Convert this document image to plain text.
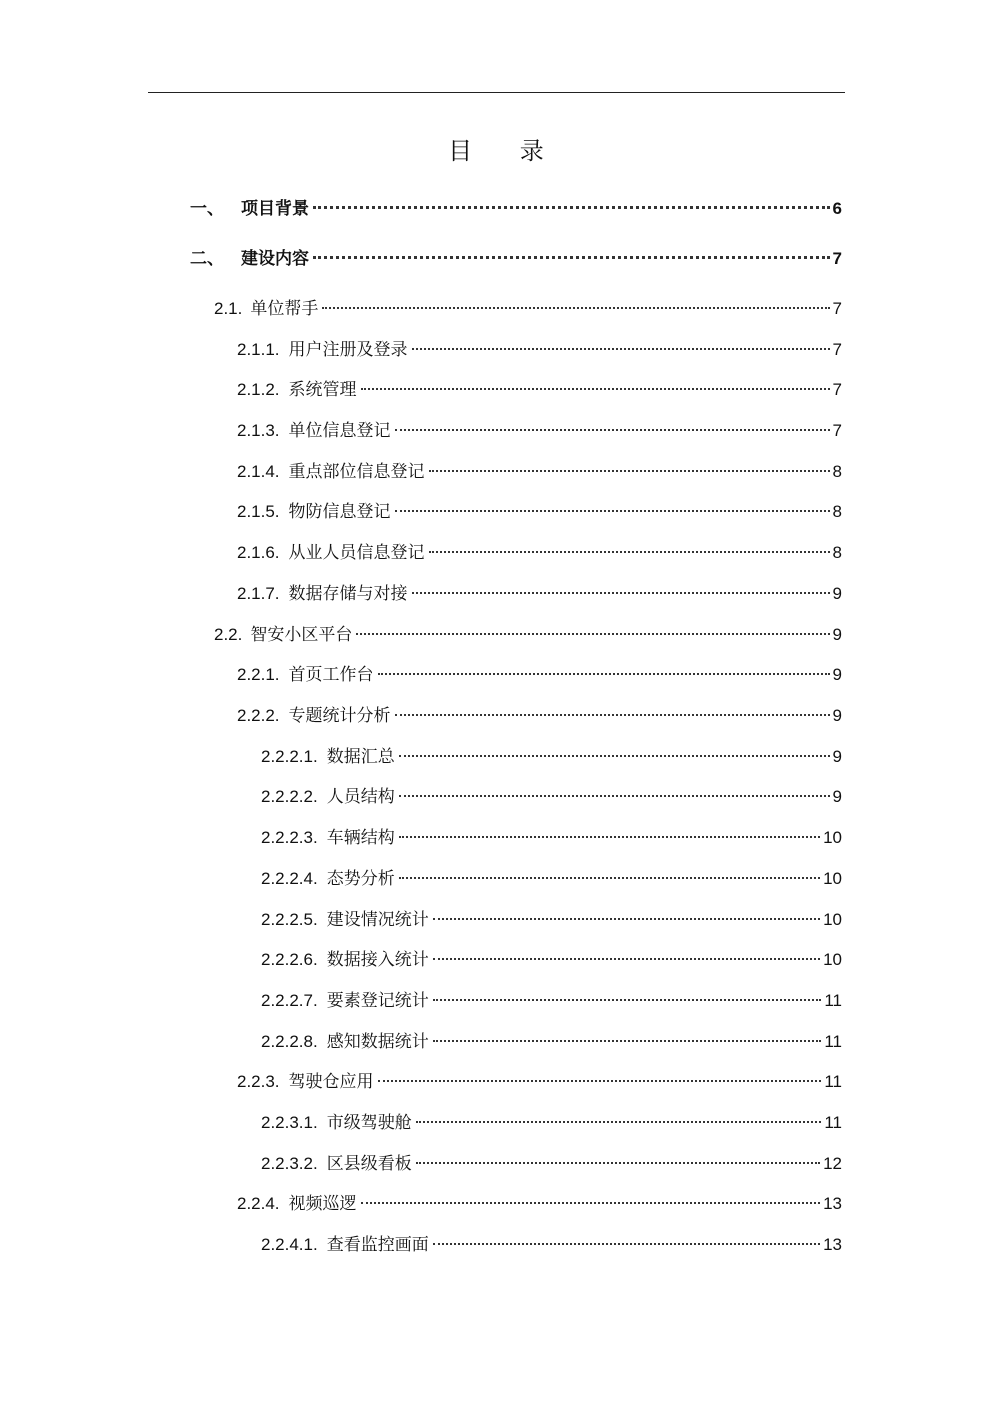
目 录
一、	项目背景	6
二、	建设内容	7
2.1. 单位帮手	7
2.1.1. 用户注册及登录	7
2.1.2. 系统管理	7
2.1.3. 单位信息登记	7
2.1.4. 重点部位信息登记	8
2.1.5. 物防信息登记	8
2.1.6. 从业人员信息登记	8
2.1.7. 数据存储与对接	9
2.2. 智安小区平台	9
2.2.1. 首页工作台	9
2.2.2. 专题统计分析	9
2.2.2.1. 数据汇总	9
2.2.2.2. 人员结构	9
2.2.2.3. 车辆结构	10
2.2.2.4. 态势分析	10
2.2.2.5. 建设情况统计	10
2.2.2.6. 数据接入统计	10
2.2.2.7. 要素登记统计	11
2.2.2.8. 感知数据统计	11
2.2.3. 驾驶仓应用	11
2.2.3.1. 市级驾驶舱	11
2.2.3.2. 区县级看板	12
2.2.4. 视频巡逻	13
2.2.4.1. 查看监控画面	13
